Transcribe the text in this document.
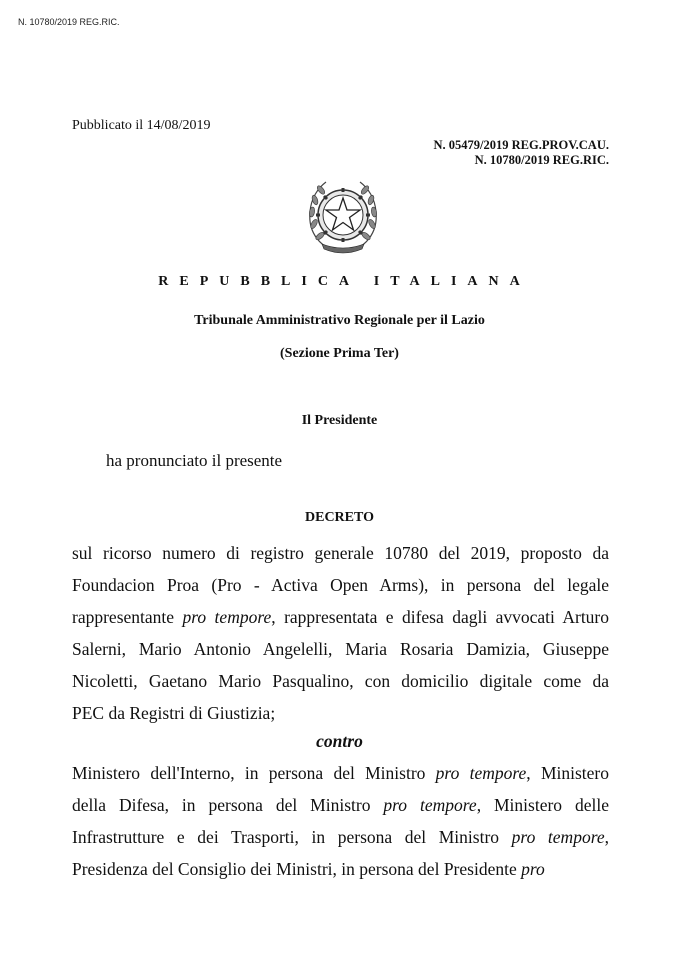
N. 10780/2019 REG.RIC.
Pubblicato il 14/08/2019
N. 05479/2019 REG.PROV.CAU.
N. 10780/2019 REG.RIC.
REPUBBLICA ITALIANA
Tribunale Amministrativo Regionale per il Lazio
(Sezione Prima Ter)
Il Presidente
ha pronunciato il presente
DECRETO
sul ricorso numero di registro generale 10780 del 2019, proposto da
Foundacion Proa (Pro - Activa Open Arms), in persona del legale
rappresentante pro tempore, rappresentata e difesa dagli avvocati Arturo
Salerni, Mario Antonio Angelelli, Maria Rosaria Damizia, Giuseppe
Nicoletti, Gaetano Mario Pasqualino, con domicilio digitale come da
PEC da Registri di Giustizia;
contro
Ministero dell'Interno, in persona del Ministro pro tempore, Ministero
della Difesa, in persona del Ministro pro tempore, Ministero delle
Infrastrutture e dei Trasporti, in persona del Ministro pro tempore,
Presidenza del Consiglio dei Ministri, in persona del Presidente pro
